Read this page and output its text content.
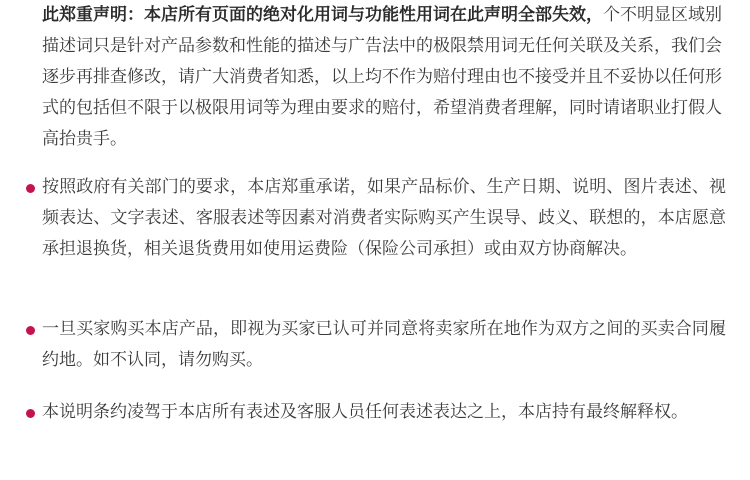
此郑重声明：本店所有页面的绝对化用词与功能性用词在此声明全部失效，个不明显区域别描述词只是针对产品参数和性能的描述与广告法中的极限禁用词无任何关联及关系，我们会逐步再排查修改，请广大消费者知悉，以上均不作为赔付理由也不接受并且不妥协以任何形式的包括但不限于以极限用词等为理由要求的赔付，希望消费者理解，同时请诸职业打假人高抬贵手。

按照政府有关部门的要求，本店郑重承诺，如果产品标价、生产日期、说明、图片表述、视频表达、文字表述、客服表述等因素对消费者实际购买产生误导、歧义、联想的，本店愿意承担退换货，相关退货费用如使用运费险（保险公司承担）或由双方协商解决。

一旦买家购买本店产品，即视为买家已认可并同意将卖家所在地作为双方之间的买卖合同履约地。如不认同，请勿购买。

本说明条约凌驾于本店所有表述及客服人员任何表述表达之上，本店持有最终解释权。
